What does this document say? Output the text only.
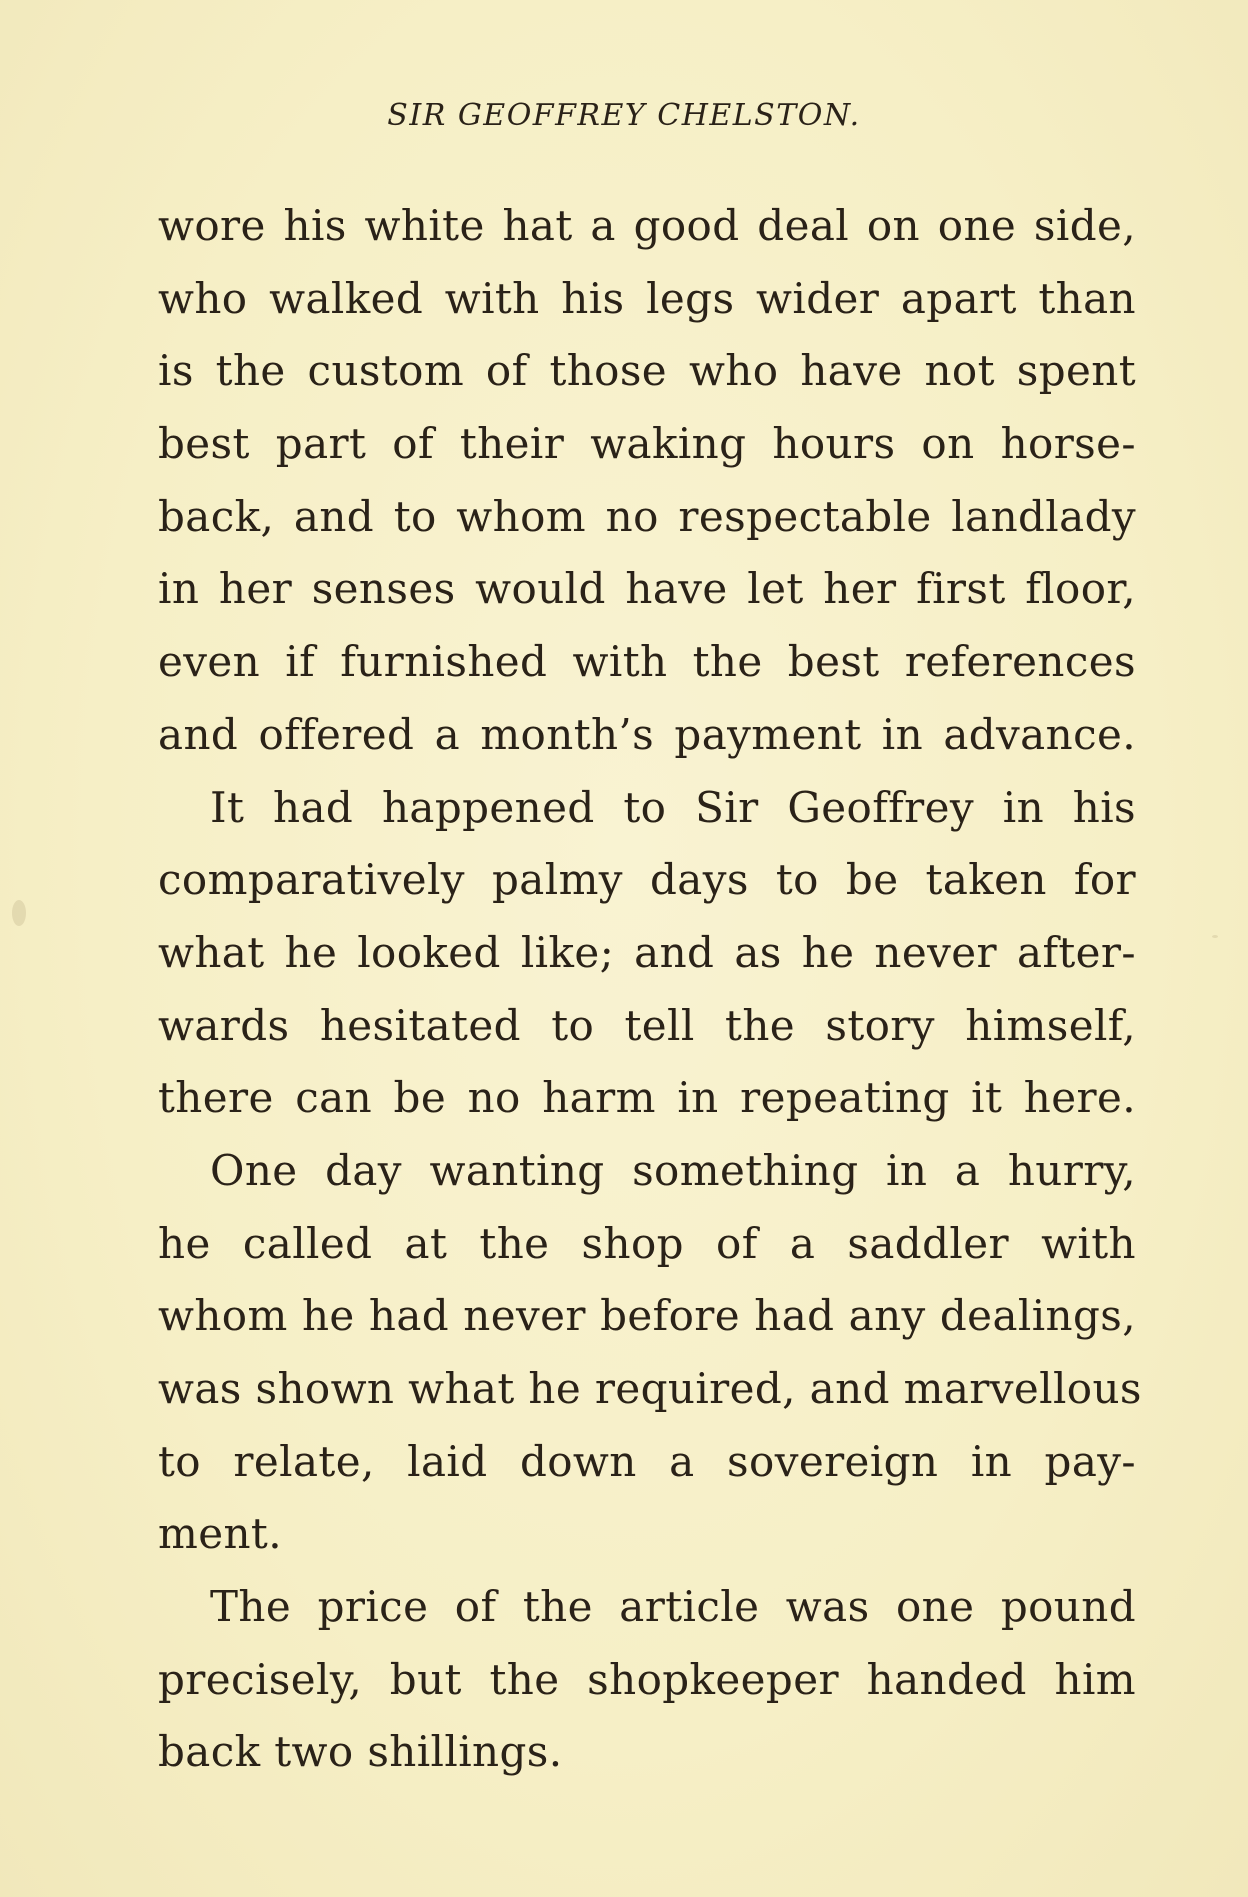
SIR GEOFFREY CHELSTON.
wore his white hat a good deal on one side,
who walked with his legs wider apart than
is the custom of those who have not spent
best part of their waking hours on horse-
back, and to whom no respectable landlady
in her senses would have let her first floor,
even if furnished with the best references
and offered a month’s payment in advance.
It had happened to Sir Geoffrey in his
comparatively palmy days to be taken for
what he looked like; and as he never after-
wards hesitated to tell the story himself,
there can be no harm in repeating it here.
One day wanting something in a hurry,
he called at the shop of a saddler with
whom he had never before had any dealings,
was shown what he required, and marvellous
to relate, laid down a sovereign in pay-
ment.
The price of the article was one pound
precisely, but the shopkeeper handed him
back two shillings.
